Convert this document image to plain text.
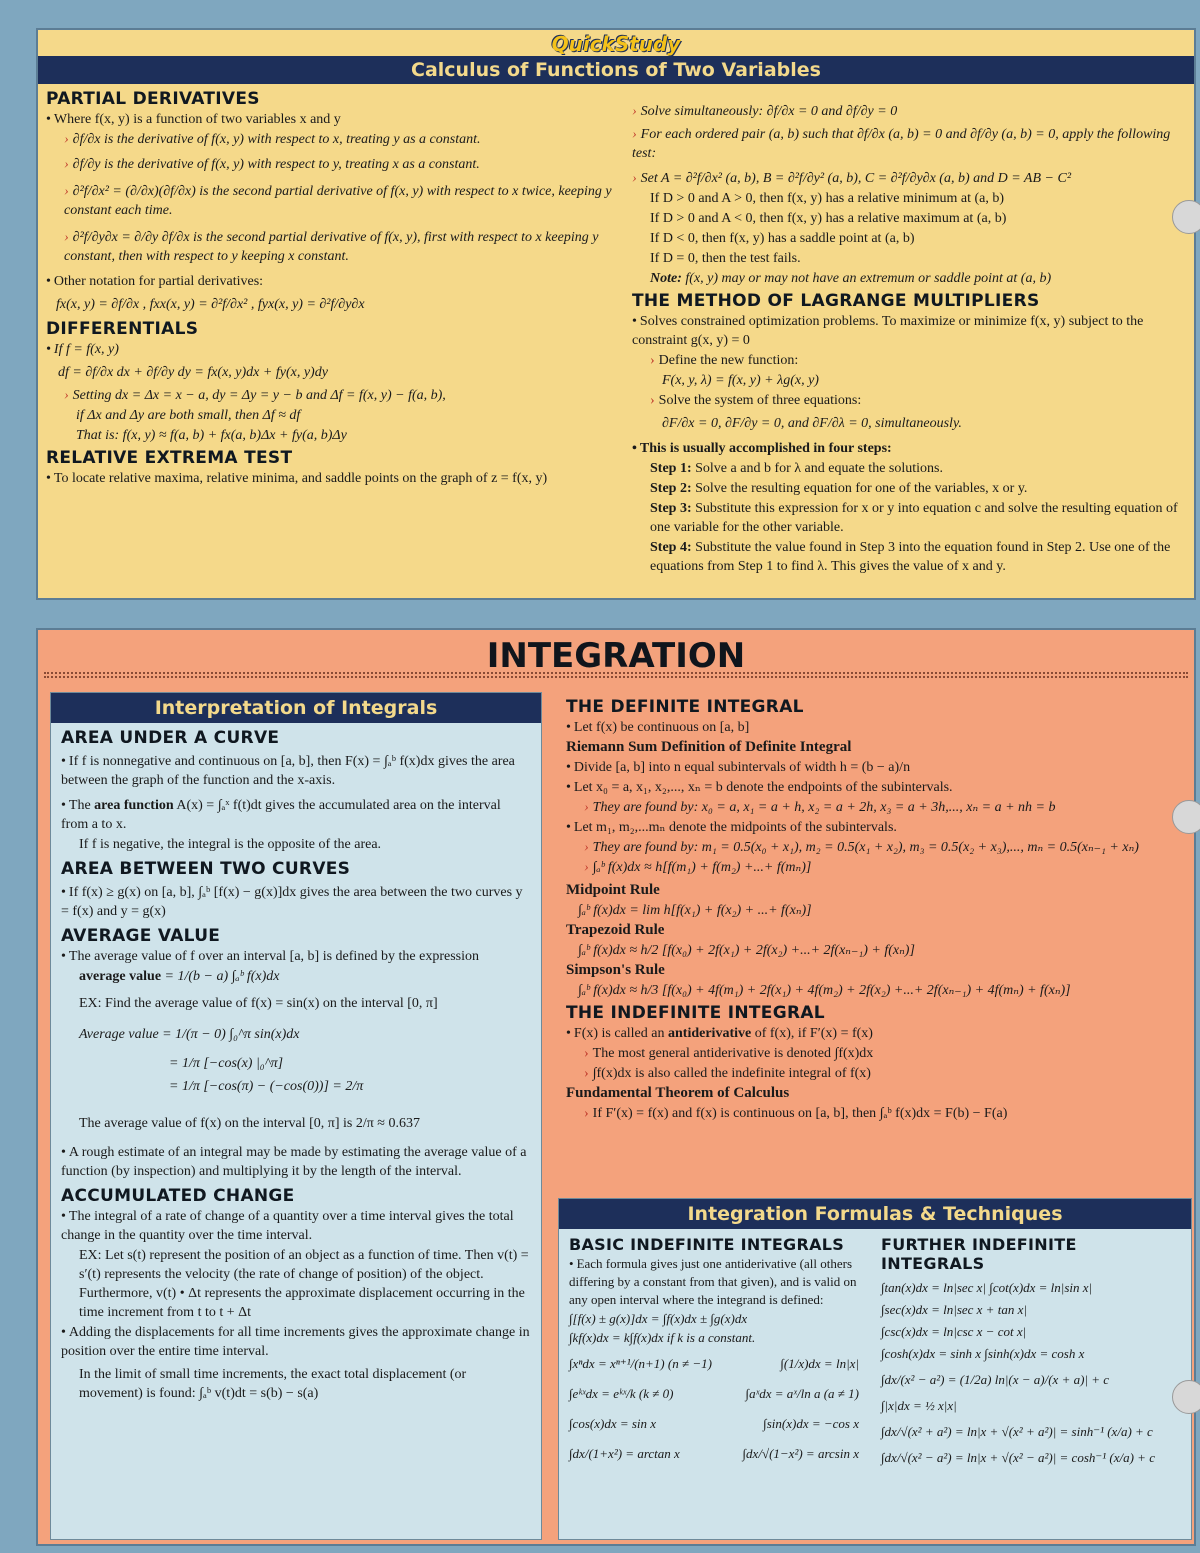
QuickStudy
Calculus of Functions of Two Variables
PARTIAL DERIVATIVES

• Where f(x, y) is a function of two variables x and y

› ∂f/∂x is the derivative of f(x, y) with respect to x, treating y as a constant.

› ∂f/∂y is the derivative of f(x, y) with respect to y, treating x as a constant.

› ∂²f/∂x² = (∂/∂x)(∂f/∂x) is the second partial derivative of f(x, y) with respect to x twice, keeping y constant each time.

› ∂²f/∂y∂x = ∂/∂y ∂f/∂x is the second partial derivative of f(x, y), first with respect to x keeping y constant, then with respect to y keeping x constant.

• Other notation for partial derivatives:

fx(x, y) = ∂f/∂x , fxx(x, y) = ∂²f/∂x² , fyx(x, y) = ∂²f/∂y∂x

DIFFERENTIALS

• If f = f(x, y)

df = ∂f/∂x dx + ∂f/∂y dy = fx(x, y)dx + fy(x, y)dy

› Setting dx = Δx = x − a, dy = Δy = y − b and Δf = f(x, y) − f(a, b),

if Δx and Δy are both small, then Δf ≈ df

That is: f(x, y) ≈ f(a, b) + fx(a, b)Δx + fy(a, b)Δy

RELATIVE EXTREMA TEST

• To locate relative maxima, relative minima, and saddle points on the graph of z = f(x, y)

› Solve simultaneously: ∂f/∂x = 0 and ∂f/∂y = 0

› For each ordered pair (a, b) such that ∂f/∂x (a, b) = 0 and ∂f/∂y (a, b) = 0, apply the following test:

› Set A = ∂²f/∂x² (a, b), B = ∂²f/∂y² (a, b), C = ∂²f/∂y∂x (a, b) and D = AB − C²

If D > 0 and A > 0, then f(x, y) has a relative minimum at (a, b)

If D > 0 and A < 0, then f(x, y) has a relative maximum at (a, b)

If D < 0, then f(x, y) has a saddle point at (a, b)

If D = 0, then the test fails.

Note: f(x, y) may or may not have an extremum or saddle point at (a, b)

THE METHOD OF LAGRANGE MULTIPLIERS

• Solves constrained optimization problems. To maximize or minimize f(x, y) subject to the constraint g(x, y) = 0

› Define the new function:

F(x, y, λ) = f(x, y) + λg(x, y)

› Solve the system of three equations:

∂F/∂x = 0, ∂F/∂y = 0, and ∂F/∂λ = 0, simultaneously.

• This is usually accomplished in four steps:

Step 1: Solve a and b for λ and equate the solutions.

Step 2: Solve the resulting equation for one of the variables, x or y.

Step 3: Substitute this expression for x or y into equation c and solve the resulting equation of one variable for the other variable.

Step 4: Substitute the value found in Step 3 into the equation found in Step 2. Use one of the equations from Step 1 to find λ. This gives the value of x and y.

INTEGRATION
Interpretation of Integrals
AREA UNDER A CURVE

• If f is nonnegative and continuous on [a, b], then F(x) = ∫ₐᵇ f(x)dx gives the area between the graph of the function and the x-axis.

• The area function A(x) = ∫ₐˣ f(t)dt gives the accumulated area on the interval from a to x.

If f is negative, the integral is the opposite of the area.

AREA BETWEEN TWO CURVES

• If f(x) ≥ g(x) on [a, b], ∫ₐᵇ [f(x) − g(x)]dx gives the area between the two curves y = f(x) and y = g(x)

AVERAGE VALUE

• The average value of f over an interval [a, b] is defined by the expression

average value = 1/(b − a) ∫ₐᵇ f(x)dx

EX: Find the average value of f(x) = sin(x) on the interval [0, π]

Average value = 1/(π − 0) ∫₀^π sin(x)dx

= 1/π [−cos(x) |₀^π]

= 1/π [−cos(π) − (−cos(0))] = 2/π

The average value of f(x) on the interval [0, π] is 2/π ≈ 0.637

• A rough estimate of an integral may be made by estimating the average value of a function (by inspection) and multiplying it by the length of the interval.

ACCUMULATED CHANGE

• The integral of a rate of change of a quantity over a time interval gives the total change in the quantity over the time interval.

EX: Let s(t) represent the position of an object as a function of time. Then v(t) = s′(t) represents the velocity (the rate of change of position) of the object. Furthermore, v(t) • Δt represents the approximate displacement occurring in the time increment from t to t + Δt

• Adding the displacements for all time increments gives the approximate change in position over the entire time interval.

In the limit of small time increments, the exact total displacement (or movement) is found: ∫ₐᵇ v(t)dt = s(b) − s(a)

THE DEFINITE INTEGRAL

• Let f(x) be continuous on [a, b]

Riemann Sum Definition of Definite Integral

• Divide [a, b] into n equal subintervals of width h = (b − a)/n

• Let x₀ = a, x₁, x₂,..., xₙ = b denote the endpoints of the subintervals.

› They are found by: x₀ = a, x₁ = a + h, x₂ = a + 2h, x₃ = a + 3h,..., xₙ = a + nh = b

• Let m₁, m₂,...mₙ denote the midpoints of the subintervals.

› They are found by: m₁ = 0.5(x₀ + x₁), m₂ = 0.5(x₁ + x₂), m₃ = 0.5(x₂ + x₃),..., mₙ = 0.5(xₙ₋₁ + xₙ)

› ∫ₐᵇ f(x)dx ≈ h[f(m₁) + f(m₂) +...+ f(mₙ)]

Midpoint Rule

∫ₐᵇ f(x)dx = lim h[f(x₁) + f(x₂) + ...+ f(xₙ)]

Trapezoid Rule

∫ₐᵇ f(x)dx ≈ h/2 [f(x₀) + 2f(x₁) + 2f(x₂) +...+ 2f(xₙ₋₁) + f(xₙ)]

Simpson's Rule

∫ₐᵇ f(x)dx ≈ h/3 [f(x₀) + 4f(m₁) + 2f(x₁) + 4f(m₂) + 2f(x₂) +...+ 2f(xₙ₋₁) + 4f(mₙ) + f(xₙ)]

THE INDEFINITE INTEGRAL

• F(x) is called an antiderivative of f(x), if F′(x) = f(x)

› The most general antiderivative is denoted ∫f(x)dx

› ∫f(x)dx is also called the indefinite integral of f(x)

Fundamental Theorem of Calculus

› If F′(x) = f(x) and f(x) is continuous on [a, b], then ∫ₐᵇ f(x)dx = F(b) − F(a)

Integration Formulas & Techniques
BASIC INDEFINITE INTEGRALS

• Each formula gives just one antiderivative (all others differing by a constant from that given), and is valid on any open interval where the integrand is defined:

∫[f(x) ± g(x)]dx = ∫f(x)dx ± ∫g(x)dx

∫kf(x)dx = k∫f(x)dx if k is a constant.

∫xⁿdx = xⁿ⁺¹/(n+1) (n ≠ −1)	∫(1/x)dx = ln|x|
∫eᵏˣdx = eᵏˣ/k (k ≠ 0)	∫aˣdx = aˣ/ln a (a ≠ 1)
∫cos(x)dx = sin x	∫sin(x)dx = −cos x
∫dx/(1+x²) = arctan x	∫dx/√(1−x²) = arcsin x
FURTHER INDEFINITE INTEGRALS

∫tan(x)dx = ln|sec x| ∫cot(x)dx = ln|sin x|

∫sec(x)dx = ln|sec x + tan x|

∫csc(x)dx = ln|csc x − cot x|

∫cosh(x)dx = sinh x ∫sinh(x)dx = cosh x

∫dx/(x² − a²) = (1/2a) ln|(x − a)/(x + a)| + c

∫|x|dx = ½ x|x|

∫dx/√(x² + a²) = ln|x + √(x² + a²)| = sinh⁻¹ (x/a) + c

∫dx/√(x² − a²) = ln|x + √(x² − a²)| = cosh⁻¹ (x/a) + c
